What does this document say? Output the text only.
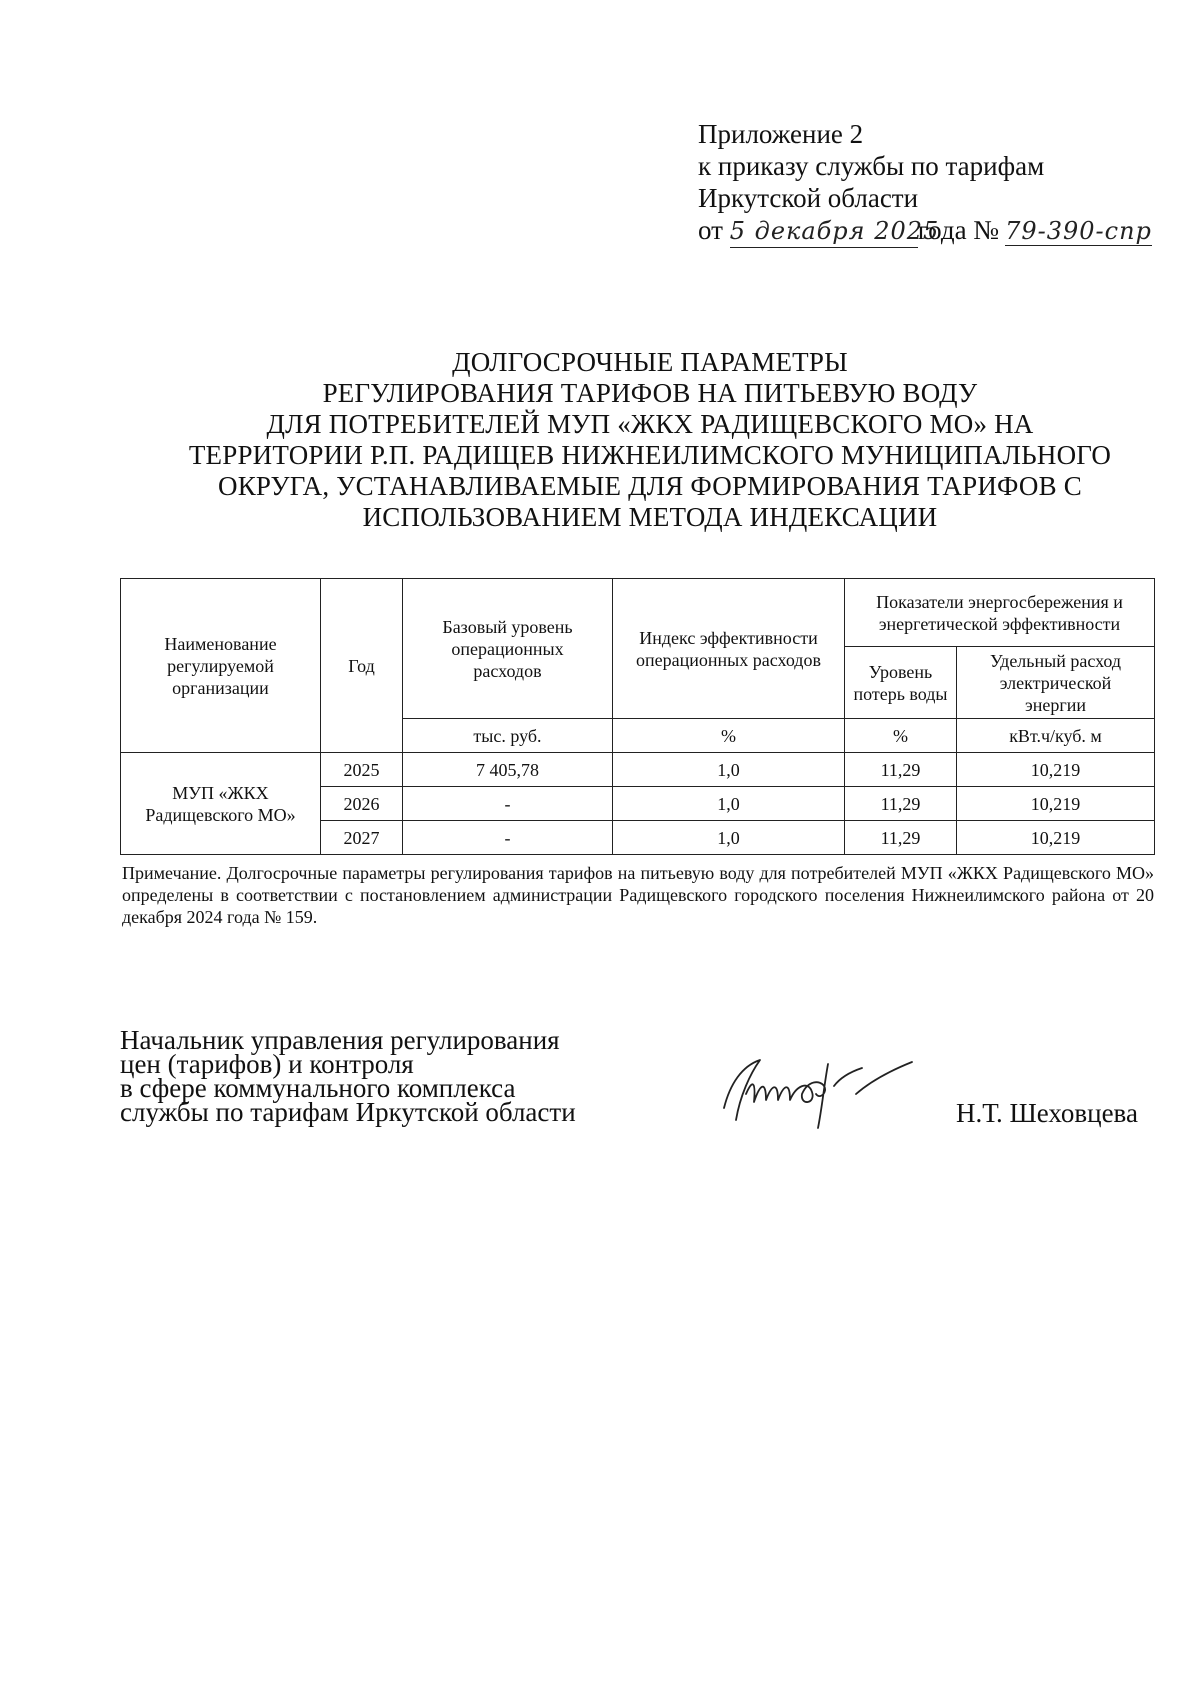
Приложение 2
к приказу службы по тарифам
Иркутской области
от 5 декабря 2025года № 79-390-спр
ДОЛГОСРОЧНЫЕ ПАРАМЕТРЫ
РЕГУЛИРОВАНИЯ ТАРИФОВ НА ПИТЬЕВУЮ ВОДУ
ДЛЯ ПОТРЕБИТЕЛЕЙ МУП «ЖКХ РАДИЩЕВСКОГО МО» НА
ТЕРРИТОРИИ Р.П. РАДИЩЕВ НИЖНЕИЛИМСКОГО МУНИЦИПАЛЬНОГО
ОКРУГА, УСТАНАВЛИВАЕМЫЕ ДЛЯ ФОРМИРОВАНИЯ ТАРИФОВ С
ИСПОЛЬЗОВАНИЕМ МЕТОДА ИНДЕКСАЦИИ
Наименование регулируемой организации	Год	Базовый уровень операционных расходов	Индекс эффективности операционных расходов	Показатели энергосбережения и энергетической эффективности	
				Уровень потерь воды	Удельный расход электрической энергии
		тыс. руб.	%	%	кВт.ч/куб. м
МУП «ЖКХ Радищевского МО»	2025	7 405,78	1,0	11,29	10,219
	2026	-	1,0	11,29	10,219
	2027	-	1,0	11,29	10,219
Примечание. Долгосрочные параметры регулирования тарифов на питьевую воду для потребителей МУП «ЖКХ Радищевского МО» определены в соответствии с постановлением администрации Радищевского городского поселения Нижнеилимского района от 20 декабря 2024 года № 159.
Начальник управления регулирования
цен (тарифов) и контроля
в сфере коммунального комплекса
службы по тарифам Иркутской области	Н.Т. Шеховцева
